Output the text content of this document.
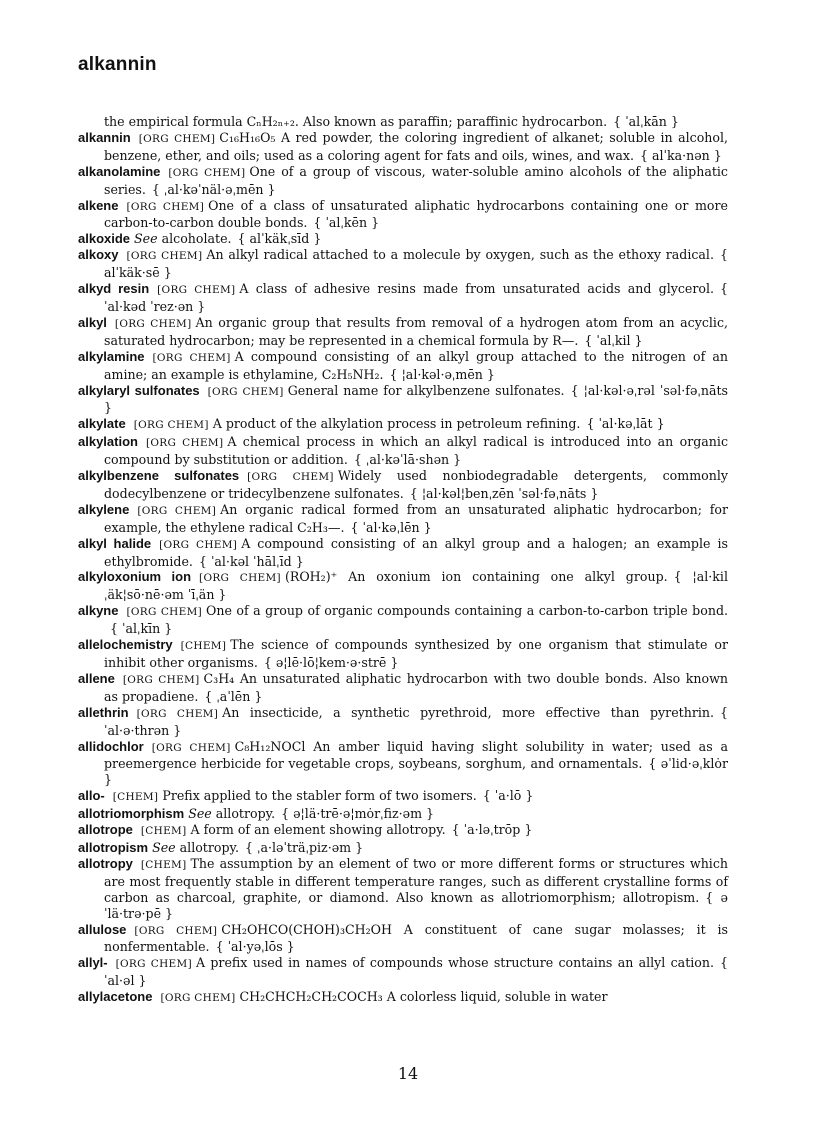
alkannin

the empirical formula CₙH₂ₙ₊₂. Also known as paraffin; paraffinic hydrocarbon. { ˈalˌkān }

alkannin [ORG CHEM] C₁₆H₁₆O₅ A red powder, the coloring ingredient of alkanet; soluble in alcohol, benzene, ether, and oils; used as a coloring agent for fats and oils, wines, and wax. { alˈka·nən }

alkanolamine [ORG CHEM] One of a group of viscous, water-soluble amino alcohols of the aliphatic series. { ˌal·kəˈnäl·əˌmēn }

alkene [ORG CHEM] One of a class of unsaturated aliphatic hydrocarbons containing one or more carbon-to-carbon double bonds. { ˈalˌkēn }

alkoxide See alcoholate. { alˈkäkˌsīd }

alkoxy [ORG CHEM] An alkyl radical attached to a molecule by oxygen, such as the ethoxy radical. { alˈkäk·sē }

alkyd resin [ORG CHEM] A class of adhesive resins made from unsaturated acids and glycerol. { ˈal·kəd ˈrez·ən }

alkyl [ORG CHEM] An organic group that results from removal of a hydrogen atom from an acyclic, saturated hydrocarbon; may be represented in a chemical formula by R—. { ˈalˌkil }

alkylamine [ORG CHEM] A compound consisting of an alkyl group attached to the nitrogen of an amine; an example is ethylamine, C₂H₅NH₂. { ¦al·kəl·əˌmēn }

alkylaryl sulfonates [ORG CHEM] General name for alkylbenzene sulfonates. { ¦al·kəl·əˌrəl ˈsəl·fəˌnāts }

alkylate [ORG CHEM] A product of the alkylation process in petroleum refining. { ˈal·kəˌlāt }

alkylation [ORG CHEM] A chemical process in which an alkyl radical is introduced into an organic compound by substitution or addition. { ˌal·kəˈlā·shən }

alkylbenzene sulfonates [ORG CHEM] Widely used nonbiodegradable detergents, commonly dodecylbenzene or tridecylbenzene sulfonates. { ¦al·kəl¦benˌzēn ˈsəl·fəˌnāts }

alkylene [ORG CHEM] An organic radical formed from an unsaturated aliphatic hydrocarbon; for example, the ethylene radical C₂H₃—. { ˈal·kəˌlēn }

alkyl halide [ORG CHEM] A compound consisting of an alkyl group and a halogen; an example is ethylbromide. { ˈal·kəl ˈhālˌīd }

alkyloxonium ion [ORG CHEM] (ROH₂)⁺ An oxonium ion containing one alkyl group. { ¦al·kilˌäk¦sō·nē·əm ˈīˌän }

alkyne [ORG CHEM] One of a group of organic compounds containing a carbon-to-carbon triple bond.{ ˈalˌkīn }

allelochemistry [CHEM] The science of compounds synthesized by one organism that stimulate or inhibit other organisms. { ə¦lē·lō¦kem·ə·strē }

allene [ORG CHEM] C₃H₄ An unsaturated aliphatic hydrocarbon with two double bonds. Also known as propadiene. { ˌaˈlēn }

allethrin [ORG CHEM] An insecticide, a synthetic pyrethroid, more effective than pyrethrin. { ˈal·ə·thrən }

allidochlor [ORG CHEM] C₈H₁₂NOCl An amber liquid having slight solubility in water; used as a preemergence herbicide for vegetable crops, soybeans, sorghum, and ornamentals. { əˈlid·əˌklȯr }

allo- [CHEM] Prefix applied to the stabler form of two isomers. { ˈa·lō }

allotriomorphism See allotropy. { ə¦lä·trē·ə¦mȯrˌfiz·əm }

allotrope [CHEM] A form of an element showing allotropy. { ˈa·ləˌtrōp }

allotropism See allotropy. { ˌa·ləˈträˌpiz·əm }

allotropy [CHEM] The assumption by an element of two or more different forms or structures which are most frequently stable in different temperature ranges, such as different crystalline forms of carbon as charcoal, graphite, or diamond. Also known as allotriomorphism; allotropism. { əˈlä·trə·pē }

allulose [ORG CHEM] CH₂OHCO(CHOH)₃CH₂OH A constituent of cane sugar molasses; it is nonfermentable. { ˈal·yəˌlōs }

allyl- [ORG CHEM] A prefix used in names of compounds whose structure contains an allyl cation. { ˈal·əl }

allylacetone [ORG CHEM] CH₂CHCH₂CH₂COCH₃ A colorless liquid, soluble in water

14
